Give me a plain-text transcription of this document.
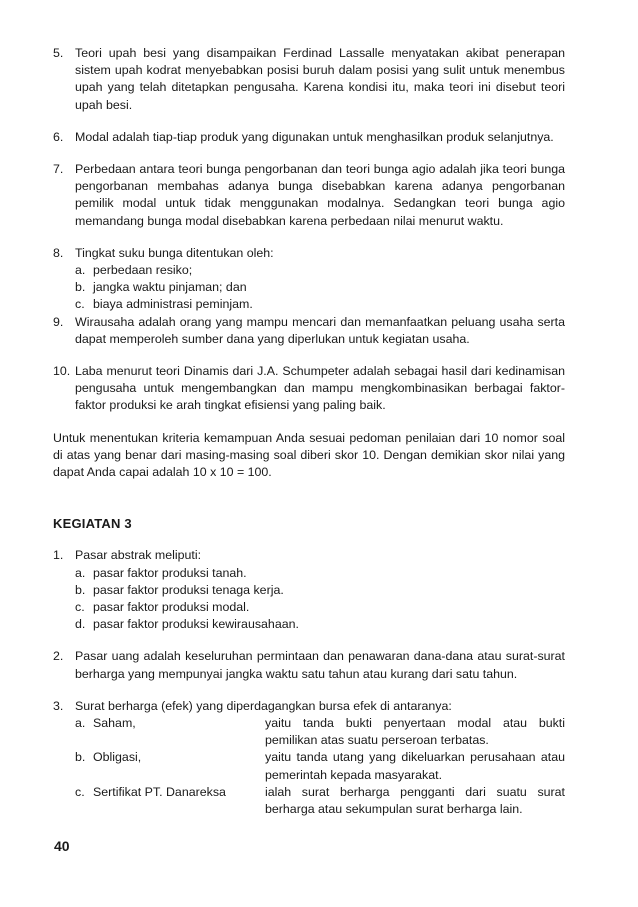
5. Teori upah besi yang disampaikan Ferdinad Lassalle menyatakan akibat penerapan sistem upah kodrat menyebabkan posisi buruh dalam posisi yang sulit untuk menembus upah yang telah ditetapkan pengusaha. Karena kondisi itu, maka teori ini disebut teori upah besi.
6. Modal adalah tiap-tiap produk yang digunakan untuk menghasilkan produk selanjutnya.
7. Perbedaan antara teori bunga pengorbanan dan teori bunga agio adalah jika teori bunga pengorbanan membahas adanya bunga disebabkan karena adanya pengorbanan pemilik modal untuk tidak menggunakan modalnya. Sedangkan teori bunga agio memandang bunga modal disebabkan karena perbedaan nilai menurut waktu.
8. Tingkat suku bunga ditentukan oleh:
a. perbedaan resiko;
b. jangka waktu pinjaman; dan
c. biaya administrasi peminjam.
9. Wirausaha adalah orang yang mampu mencari dan memanfaatkan peluang usaha serta dapat memperoleh sumber dana yang diperlukan untuk kegiatan usaha.
10. Laba menurut teori Dinamis dari J.A. Schumpeter adalah sebagai hasil dari kedinamisan pengusaha untuk mengembangkan dan mampu mengkombinasikan berbagai faktor-faktor produksi ke arah tingkat efisiensi yang paling baik.

Untuk menentukan kriteria kemampuan Anda sesuai pedoman penilaian dari 10 nomor soal di atas yang benar dari masing-masing soal diberi skor 10. Dengan demikian skor nilai yang dapat Anda capai adalah 10 x 10 = 100.

KEGIATAN 3

1. Pasar abstrak meliputi:
a. pasar faktor produksi tanah.
b. pasar faktor produksi tenaga kerja.
c. pasar faktor produksi modal.
d. pasar faktor produksi kewirausahaan.
2. Pasar uang adalah keseluruhan permintaan dan penawaran dana-dana atau surat-surat berharga yang mempunyai jangka waktu satu tahun atau kurang dari satu tahun.
3. Surat berharga (efek) yang diperdagangkan bursa efek di antaranya:
a. Saham,	yaitu tanda bukti penyertaan modal atau bukti pemilikan atas suatu perseroan terbatas.
b. Obligasi,	yaitu tanda utang yang dikeluarkan perusahaan atau pemerintah kepada masyarakat.
c. Sertifikat PT. Danareksa	ialah surat berharga pengganti dari suatu surat berharga atau sekumpulan surat berharga lain.
40
